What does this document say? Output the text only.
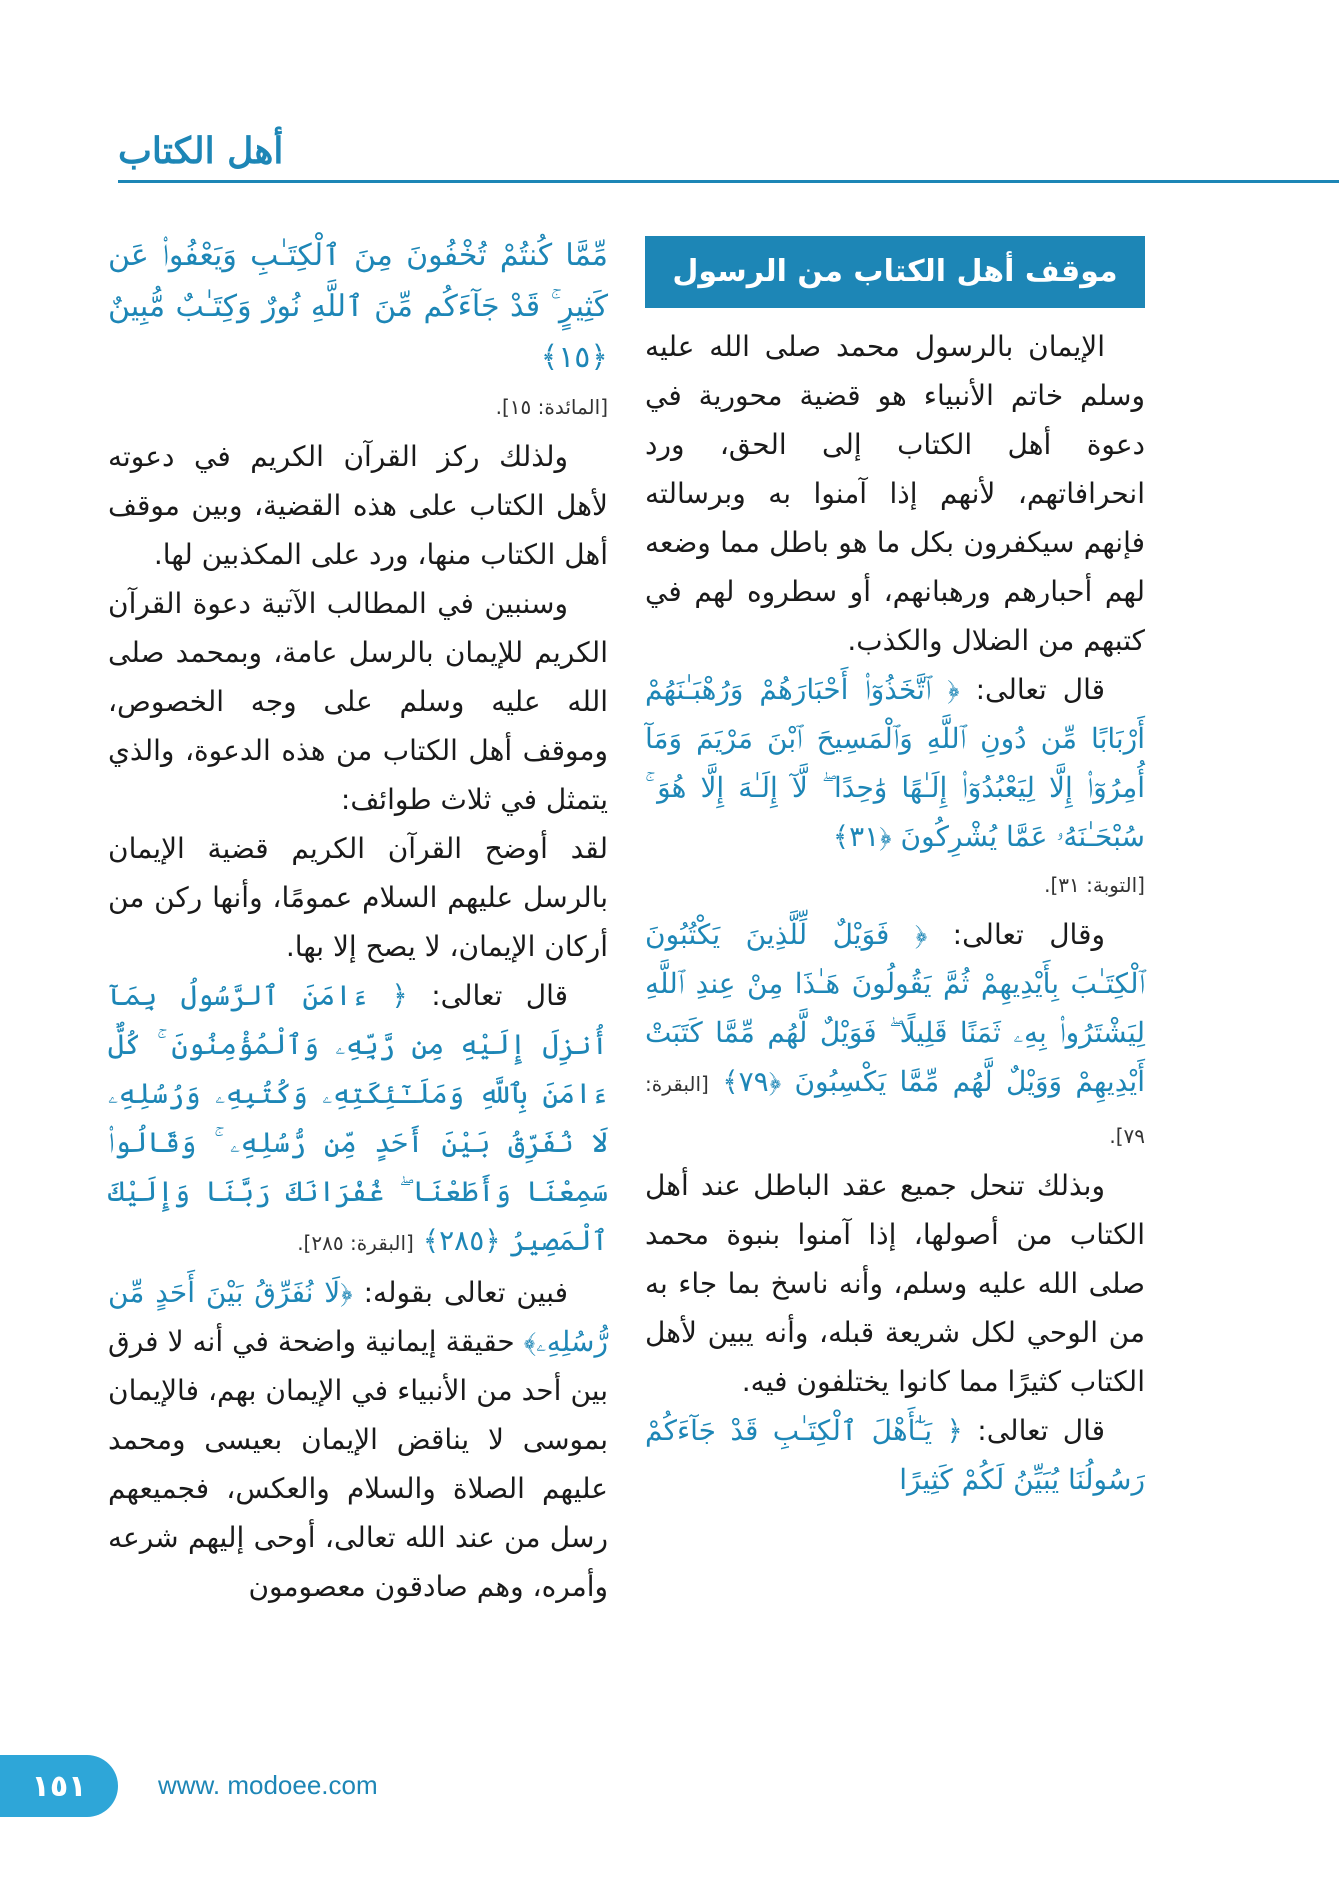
أهل الكتاب
موقف أهل الكتاب من الرسول

الإيمان بالرسول محمد صلى الله عليه وسلم خاتم الأنبياء هو قضية محورية في دعوة أهل الكتاب إلى الحق، ورد انحرافاتهم، لأنهم إذا آمنوا به وبرسالته فإنهم سيكفرون بكل ما هو باطل مما وضعه لهم أحبارهم ورهبانهم، أو سطروه لهم في كتبهم من الضلال والكذب.

قال تعالى: ﴿ ٱتَّخَذُوٓا۟ أَحْبَارَهُمْ وَرُهْبَـٰنَهُمْ أَرْبَابًا مِّن دُونِ ٱللَّهِ وَٱلْمَسِيحَ ٱبْنَ مَرْيَمَ وَمَآ أُمِرُوٓا۟ إِلَّا لِيَعْبُدُوٓا۟ إِلَـٰهًا وَٰحِدًا ۖ لَّآ إِلَـٰهَ إِلَّا هُوَ ۚ سُبْحَـٰنَهُۥ عَمَّا يُشْرِكُونَ ﴿٣١﴾

[التوبة: ٣١].

وقال تعالى: ﴿ فَوَيْلٌ لِّلَّذِينَ يَكْتُبُونَ ٱلْكِتَـٰبَ بِأَيْدِيهِمْ ثُمَّ يَقُولُونَ هَـٰذَا مِنْ عِندِ ٱللَّهِ لِيَشْتَرُوا۟ بِهِۦ ثَمَنًا قَلِيلًا ۖ فَوَيْلٌ لَّهُم مِّمَّا كَتَبَتْ أَيْدِيهِمْ وَوَيْلٌ لَّهُم مِّمَّا يَكْسِبُونَ ﴿٧٩﴾ [البقرة: ٧٩].

وبذلك تنحل جميع عقد الباطل عند أهل الكتاب من أصولها، إذا آمنوا بنبوة محمد صلى الله عليه وسلم، وأنه ناسخ بما جاء به من الوحي لكل شريعة قبله، وأنه يبين لأهل الكتاب كثيرًا مما كانوا يختلفون فيه.

قال تعالى: ﴿ يَـٰٓأَهْلَ ٱلْكِتَـٰبِ قَدْ جَآءَكُمْ رَسُولُنَا يُبَيِّنُ لَكُمْ كَثِيرًا

مِّمَّا كُنتُمْ تُخْفُونَ مِنَ ٱلْكِتَـٰبِ وَيَعْفُوا۟ عَن كَثِيرٍ ۚ قَدْ جَآءَكُم مِّنَ ٱللَّهِ نُورٌ وَكِتَـٰبٌ مُّبِينٌ ﴿١٥﴾

[المائدة: ١٥].

ولذلك ركز القرآن الكريم في دعوته لأهل الكتاب على هذه القضية، وبين موقف أهل الكتاب منها، ورد على المكذبين لها.

وسنبين في المطالب الآتية دعوة القرآن الكريم للإيمان بالرسل عامة، وبمحمد صلى الله عليه وسلم على وجه الخصوص، وموقف أهل الكتاب من هذه الدعوة، والذي يتمثل في ثلاث طوائف:

لقد أوضح القرآن الكريم قضية الإيمان بالرسل عليهم السلام عمومًا، وأنها ركن من أركان الإيمان، لا يصح إلا بها.

قال تعالى: ﴿ ءَامَنَ ٱلرَّسُولُ بِمَآ أُنزِلَ إِلَيْهِ مِن رَّبِّهِۦ وَٱلْمُؤْمِنُونَ ۚ كُلٌّ ءَامَنَ بِٱللَّهِ وَمَلَـٰٓئِكَتِهِۦ وَكُتُبِهِۦ وَرُسُلِهِۦ لَا نُفَرِّقُ بَيْنَ أَحَدٍ مِّن رُّسُلِهِۦ ۚ وَقَالُوا۟ سَمِعْنَا وَأَطَعْنَا ۖ غُفْرَانَكَ رَبَّنَا وَإِلَيْكَ ٱلْمَصِيرُ ﴿٢٨٥﴾ [البقرة: ٢٨٥].

فبين تعالى بقوله: ﴿لَا نُفَرِّقُ بَيْنَ أَحَدٍ مِّن رُّسُلِهِۦ﴾ حقيقة إيمانية واضحة في أنه لا فرق بين أحد من الأنبياء في الإيمان بهم، فالإيمان بموسى لا يناقض الإيمان بعيسى ومحمد عليهم الصلاة والسلام والعكس، فجميعهم رسل من عند الله تعالى، أوحى إليهم شرعه وأمره، وهم صادقون معصومون

١٥١	www. modoee.com
